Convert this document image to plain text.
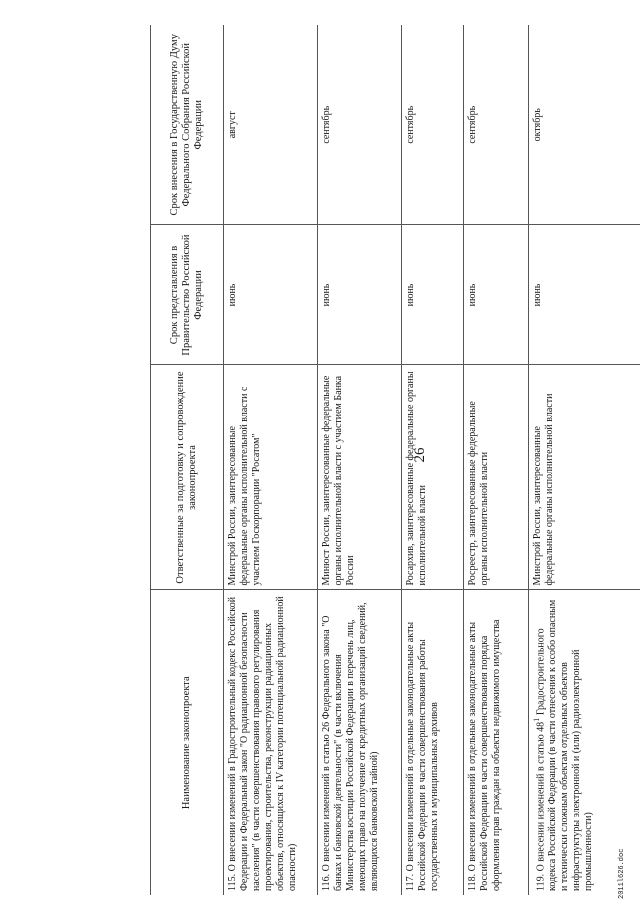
26
Наименование законопроекта	Ответственные за подготовку и сопровождение законопроекта	Срок представления в Правительство Российской Федерации	Срок внесения в Государственную Думу Федерального Собрания Российской Федерации
115. О внесении изменений в Градостроительный кодекс Российской Федерации и Федеральный закон "О радиационной безопасности населения" (в части совершенствования правового регулирования проектирования, строительства, реконструкции радиационных объектов, относящихся к IV категории потенциальной радиационной опасности)	Минстрой России, заинтересованные федеральные органы исполнительной власти с участием Госкорпорации "Росатом"	июнь	август
116. О внесении изменений в статью 26 Федерального закона "О банках и банковской деятельности" (в части включения Министерства юстиции Российской Федерации в перечень лиц, имеющих право на получение от кредитных организаций сведений, являющихся банковской тайной)	Минюст России, заинтересованные федеральные органы исполнительной власти с участием Банка России	июнь	сентябрь
117. О внесении изменений в отдельные законодательные акты Российской Федерации в части совершенствования работы государственных и муниципальных архивов	Росархив, заинтересованные федеральные органы исполнительной власти	июнь	сентябрь
118. О внесении изменений в отдельные законодательные акты Российской Федерации в части совершенствования порядка оформления прав граждан на объекты недвижимого имущества	Росреестр, заинтересованные федеральные органы исполнительной власти	июнь	сентябрь
119. О внесении изменений в статью $48^1$ Градостроительного кодекса Российской Федерации (в части отнесения к особо опасным и технически сложным объектам отдельных объектов инфраструктуры электронной и (или) радиоэлектронной промышленности)	Минстрой России, заинтересованные федеральные органы исполнительной власти	июнь	октябрь
2011l626.doc
